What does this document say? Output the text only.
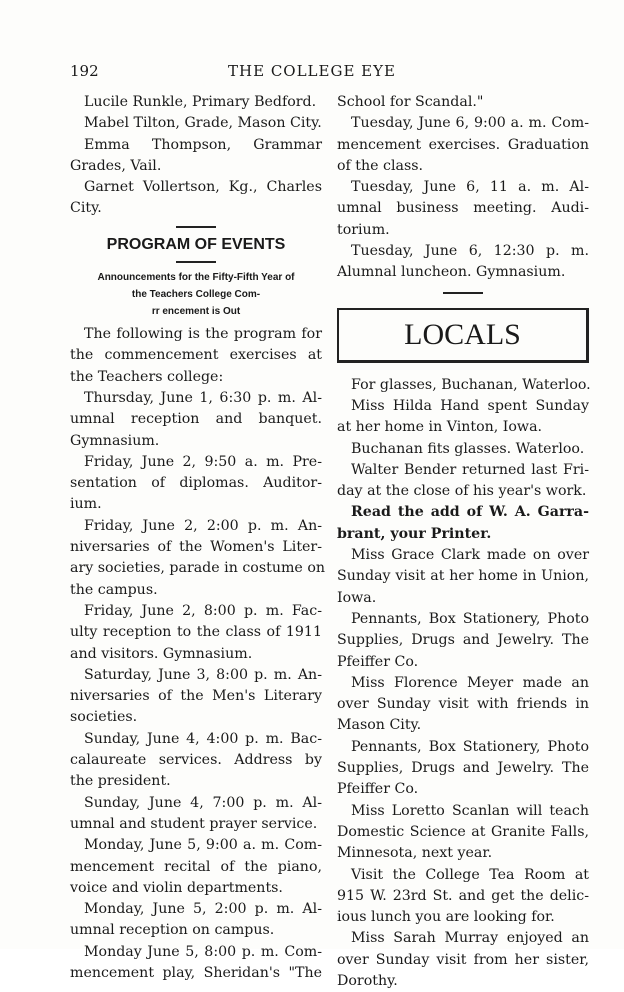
192	THE COLLEGE EYE
Lucile Runkle, Primary Bedford.
Mabel Tilton, Grade, Mason City.
Emma Thompson, Grammar
Grades, Vail.
Garnet Vollertson, Kg., Charles
City.
PROGRAM OF EVENTS
Announcements for the Fifty-Fifth Year of
the Teachers College Com-
rr encement is Out
The following is the program for
the commencement exercises at
the Teachers college:
Thursday, June 1, 6:30 p. m. Al-
umnal reception and banquet.
Gymnasium.
Friday, June 2, 9:50 a. m. Pre-
sentation of diplomas. Auditor-
ium.
Friday, June 2, 2:00 p. m. An-
niversaries of the Women's Liter-
ary societies, parade in costume on
the campus.
Friday, June 2, 8:00 p. m. Fac-
ulty reception to the class of 1911
and visitors. Gymnasium.
Saturday, June 3, 8:00 p. m. An-
niversaries of the Men's Literary
societies.
Sunday, June 4, 4:00 p. m. Bac-
calaureate services. Address by
the president.
Sunday, June 4, 7:00 p. m. Al-
umnal and student prayer service.
Monday, June 5, 9:00 a. m. Com-
mencement recital of the piano,
voice and violin departments.
Monday, June 5, 2:00 p. m. Al-
umnal reception on campus.
Monday June 5, 8:00 p. m. Com-
mencement play, Sheridan's "The
School for Scandal."
Tuesday, June 6, 9:00 a. m. Com-
mencement exercises. Graduation
of the class.
Tuesday, June 6, 11 a. m. Al-
umnal business meeting. Audi-
torium.
Tuesday, June 6, 12:30 p. m.
Alumnal luncheon. Gymnasium.
LOCALS
For glasses, Buchanan, Waterloo.
Miss Hilda Hand spent Sunday
at her home in Vinton, Iowa.
Buchanan fits glasses. Waterloo.
Walter Bender returned last Fri-
day at the close of his year's work.
Read the add of W. A. Garra-
brant, your Printer.
Miss Grace Clark made on over
Sunday visit at her home in Union,
Iowa.
Pennants, Box Stationery, Photo
Supplies, Drugs and Jewelry. The
Pfeiffer Co.
Miss Florence Meyer made an
over Sunday visit with friends in
Mason City.
Pennants, Box Stationery, Photo
Supplies, Drugs and Jewelry. The
Pfeiffer Co.
Miss Loretto Scanlan will teach
Domestic Science at Granite Falls,
Minnesota, next year.
Visit the College Tea Room at
915 W. 23rd St. and get the delic-
ious lunch you are looking for.
Miss Sarah Murray enjoyed an
over Sunday visit from her sister,
Dorothy.
